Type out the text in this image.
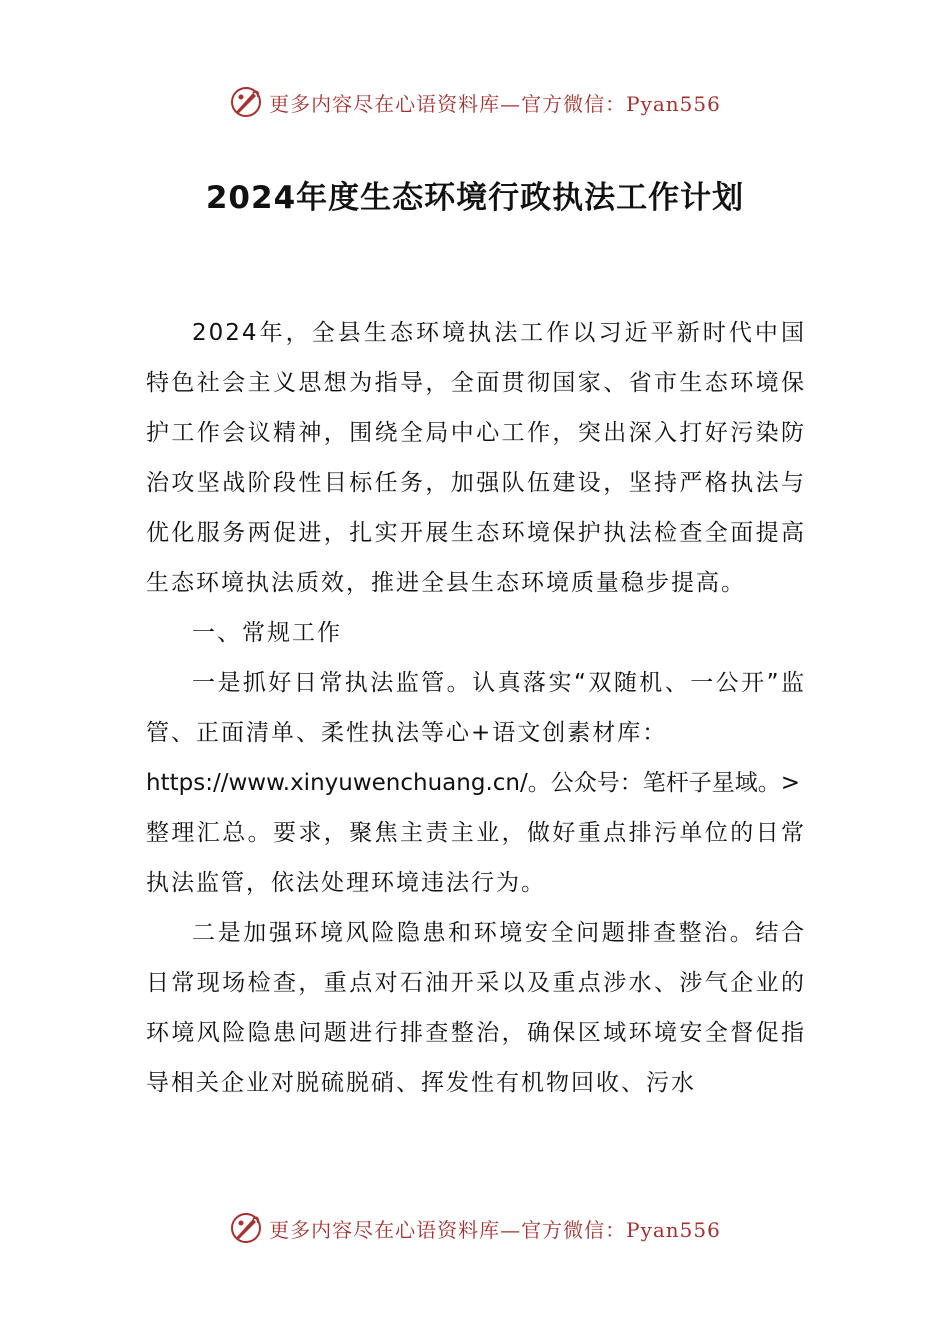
更多内容尽在心语资料库—官方微信：Pyan556
2024年度生态环境行政执法工作计划

2024年，全县生态环境执法工作以习近平新时代中国特色社会主义思想为指导，全面贯彻国家、省市生态环境保护工作会议精神，围绕全局中心工作，突出深入打好污染防治攻坚战阶段性目标任务，加强队伍建设，坚持严格执法与优化服务两促进，扎实开展生态环境保护执法检查全面提高生态环境执法质效，推进全县生态环境质量稳步提高。

一、常规工作

一是抓好日常执法监管。认真落实“双随机、一公开”监管、正面清单、柔性执法等心+语文创素材库：

https://www.xinyuwenchuang.cn/。公众号：笔杆子星域。>

整理汇总。要求，聚焦主责主业，做好重点排污单位的日常执法监管，依法处理环境违法行为。

二是加强环境风险隐患和环境安全问题排查整治。结合日常现场检查，重点对石油开采以及重点涉水、涉气企业的环境风险隐患问题进行排查整治，确保区域环境安全督促指导相关企业对脱硫脱硝、挥发性有机物回收、污水

更多内容尽在心语资料库—官方微信：Pyan556
